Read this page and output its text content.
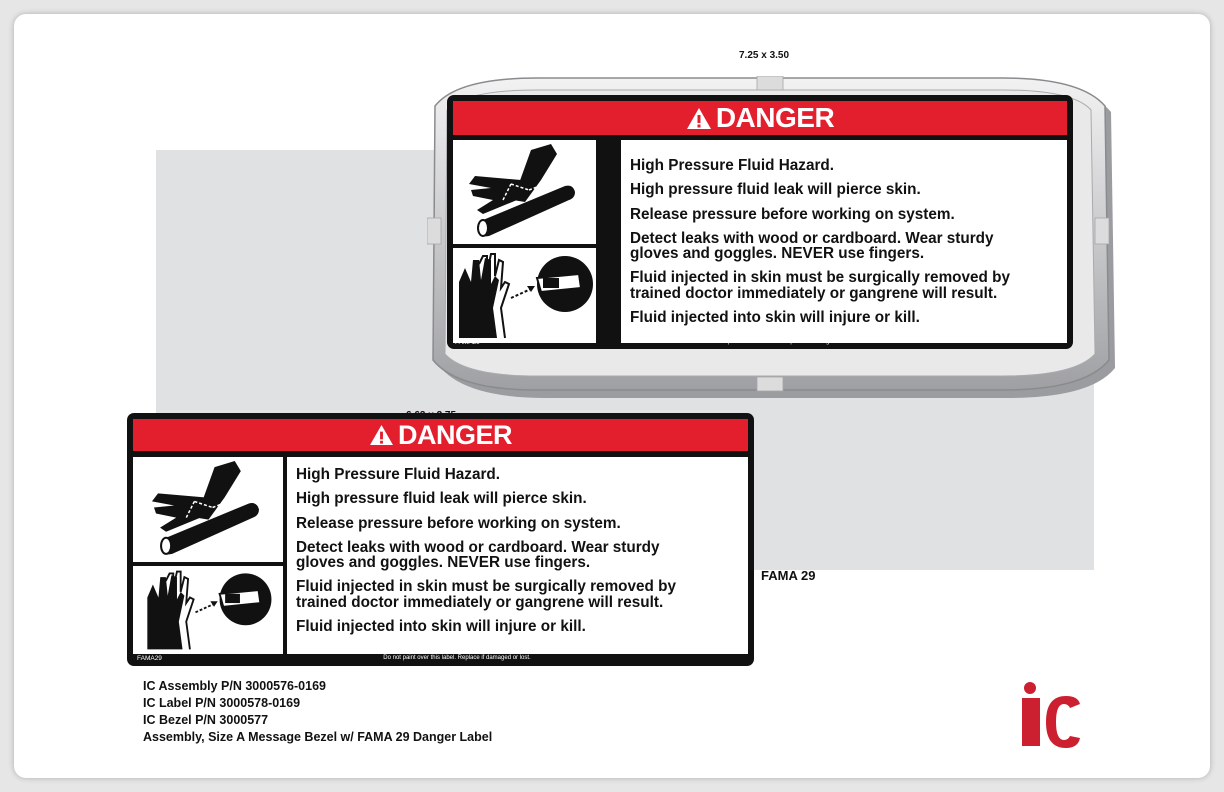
7.25 x 3.50
DANGER

High Pressure Fluid Hazard.

High pressure fluid leak will pierce skin.

Release pressure before working on system.

Detect leaks with wood or cardboard. Wear sturdy

gloves and goggles. NEVER use fingers.

Fluid injected in skin must be surgically removed by

trained doctor immediately or gangrene will result.

Fluid injected into skin will injure or kill.

FAMA29	Do not paint over this label. Replace if damaged or lost.
DANGER

High Pressure Fluid Hazard.

High pressure fluid leak will pierce skin.

Release pressure before working on system.

Detect leaks with wood or cardboard. Wear sturdy

gloves and goggles. NEVER use fingers.

Fluid injected in skin must be surgically removed by

trained doctor immediately or gangrene will result.

Fluid injected into skin will injure or kill.

FAMA29	Do not paint over this label. Replace if damaged or lost.
FAMA 29
IC Assembly P/N 3000576-0169
IC Label P/N 3000578-0169
IC Bezel P/N 3000577
Assembly, Size A Message Bezel w/ FAMA 29 Danger Label
